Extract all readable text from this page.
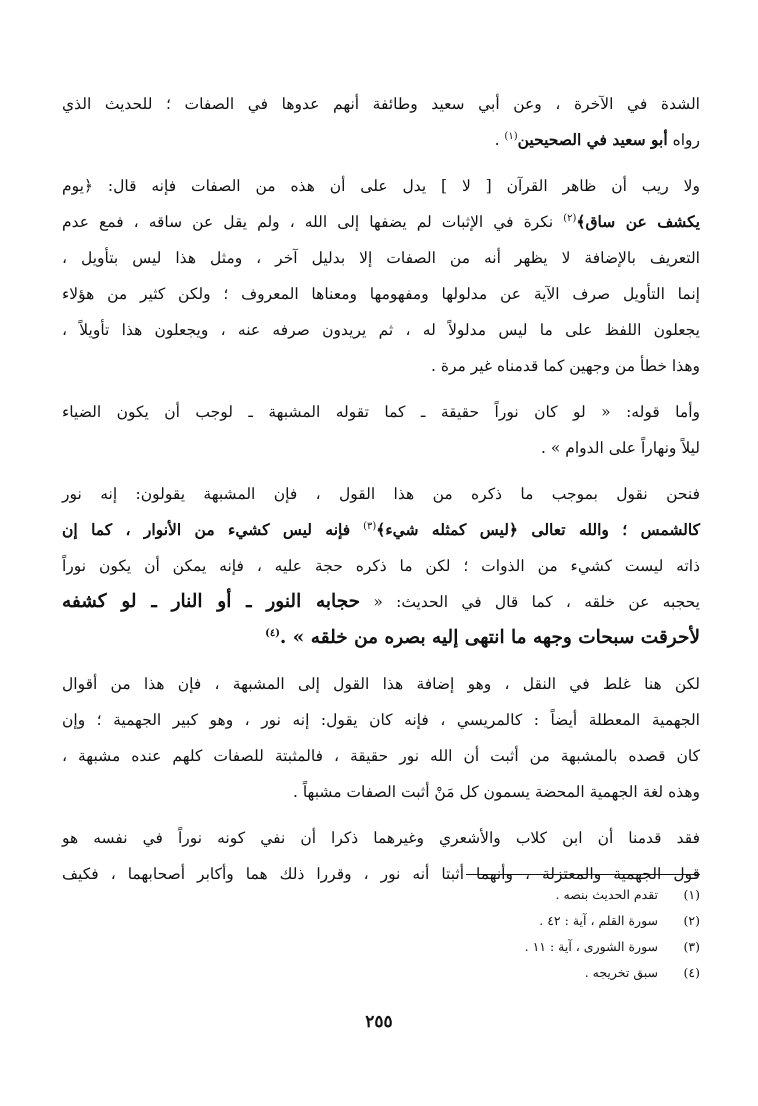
الشدة في الآخرة ، وعن أبي سعيد وطائفة أنهم عدوها في الصفات ؛ للحديث الذي
رواه أبو سعيد في الصحيحين$^{(١)}$ .

ولا ريب أن ظاهر القرآن [ لا ] يدل على أن هذه من الصفات فإنه قال: ﴿يوم
يكشف عن ساق﴾$^{(٢)}$ نكرة في الإثبات لم يضفها إلى الله ، ولم يقل عن ساقه ، فمع عدم
التعريف بالإضافة لا يظهر أنه من الصفات إلا بدليل آخر ، ومثل هذا ليس بتأويل ،
إنما التأويل صرف الآية عن مدلولها ومفهومها ومعناها المعروف ؛ ولكن كثير من هؤلاء
يجعلون اللفظ على ما ليس مدلولاً له ، ثم يريدون صرفه عنه ، ويجعلون هذا تأويلاً ،
وهذا خطأ من وجهين كما قدمناه غير مرة .

وأما قوله: « لو كان نوراً حقيقة ـ كما تقوله المشبهة ـ لوجب أن يكون الضياء
ليلاً ونهاراً على الدوام » .

فنحن نقول بموجب ما ذكره من هذا القول ، فإن المشبهة يقولون: إنه نور
كالشمس ؛ والله تعالى ﴿ليس كمثله شيء﴾$^{(٣)}$ فإنه ليس كشيء من الأنوار ، كما إن
ذاته ليست كشيء من الذوات ؛ لكن ما ذكره حجة عليه ، فإنه يمكن أن يكون نوراً
يحجبه عن خلقه ، كما قال في الحديث: « حجابه النور ـ أو النار ـ لو كشفه
لأحرقت سبحات وجهه ما انتهى إليه بصره من خلقه » .$^{(٤)}$

لكن هنا غلط في النقل ، وهو إضافة هذا القول إلى المشبهة ، فإن هذا من أقوال
الجهمية المعطلة أيضاً : كالمريسي ، فإنه كان يقول: إنه نور ، وهو كبير الجهمية ؛ وإن
كان قصده بالمشبهة من أثبت أن الله نور حقيقة ، فالمثبتة للصفات كلهم عنده مشبهة ،
وهذه لغة الجهمية المحضة يسمون كل مَنْ أثبت الصفات مشبهاً .

فقد قدمنا أن ابن كلاب والأشعري وغيرهما ذكرا أن نفي كونه نوراً في نفسه هو
قول الجهمية والمعتزلة ، وأنهما أثبتا أنه نور ، وقررا ذلك هما وأكابر أصحابهما ، فكيف

(١) تقدم الحديث بنصه .
(٢) سورة القلم ، آية : ٤٢ .
(٣) سورة الشورى ، آية : ١١ .
(٤) سبق تخريجه .
٢٥٥
